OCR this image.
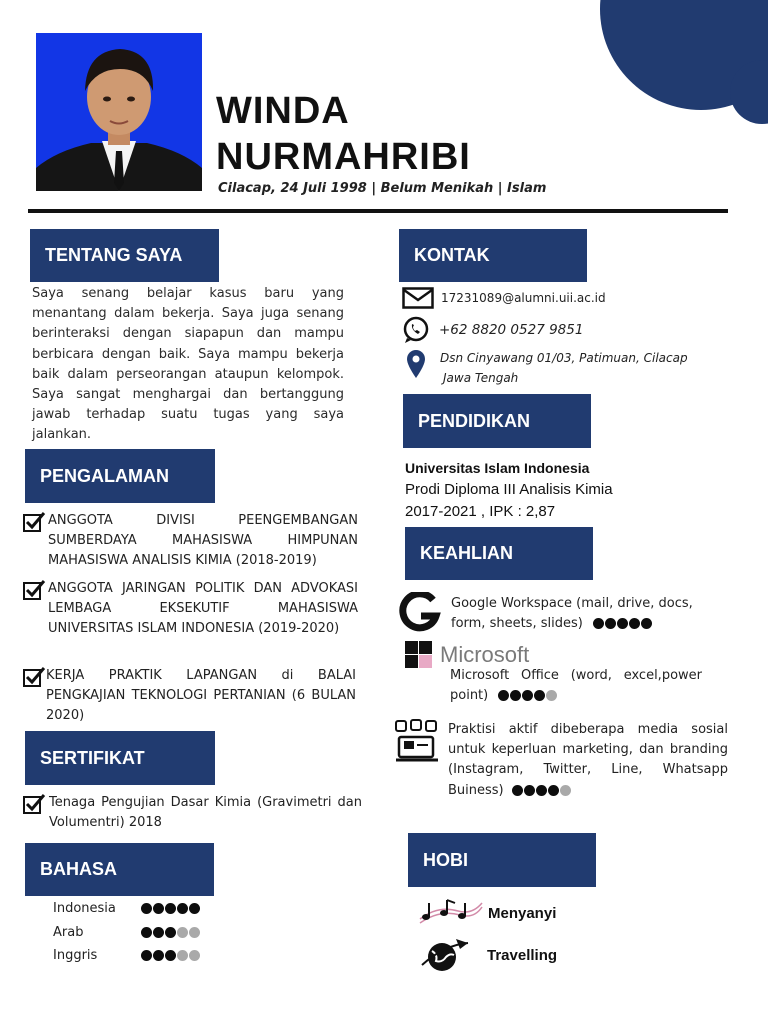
WINDA
NURMAHRIBI
Cilacap, 24 Juli 1998 | Belum Menikah | Islam
TENTANG SAYA

Saya senang belajar kasus baru yang menantang dalam bekerja. Saya juga senang berinteraksi dengan siapapun dan mampu berbicara dengan baik. Saya mampu bekerja baik dalam perseorangan ataupun kelompok. Saya sangat menghargai dan bertanggung jawab terhadap suatu tugas yang saya jalankan.

PENGALAMAN
ANGGOTA DIVISI PEENGEMBANGAN SUMBERDAYA MAHASISWA HIMPUNAN MAHASISWA ANALISIS KIMIA (2018-2019)
ANGGOTA JARINGAN POLITIK DAN ADVOKASI LEMBAGA EKSEKUTIF MAHASISWA UNIVERSITAS ISLAM INDONESIA (2019-2020)
KERJA PRAKTIK LAPANGAN di BALAI PENGKAJIAN TEKNOLOGI PERTANIAN (6 BULAN 2020)
SERTIFIKAT
Tenaga Pengujian Dasar Kimia (Gravimetri dan Volumentri) 2018
BAHASA
Indonesia
Arab
Inggris
KONTAK
17231089@alumni.uii.ac.id
+62 8820 0527 9851
Dsn Cinyawang 01/03, Patimuan, Cilacap
Jawa Tengah
PENDIDIKAN
Universitas Islam Indonesia
Prodi Diploma III Analisis Kimia
2017-2021 , IPK : 2,87
KEAHLIAN
Google Workspace (mail, drive, docs, form, sheets, slides)
Microsoft
Microsoft Office (word, excel,power point)
Praktisi aktif dibeberapa media sosial untuk keperluan marketing, dan branding (Instagram, Twitter, Line, Whatsapp Buiness)
HOBI
Menyanyi
Travelling
